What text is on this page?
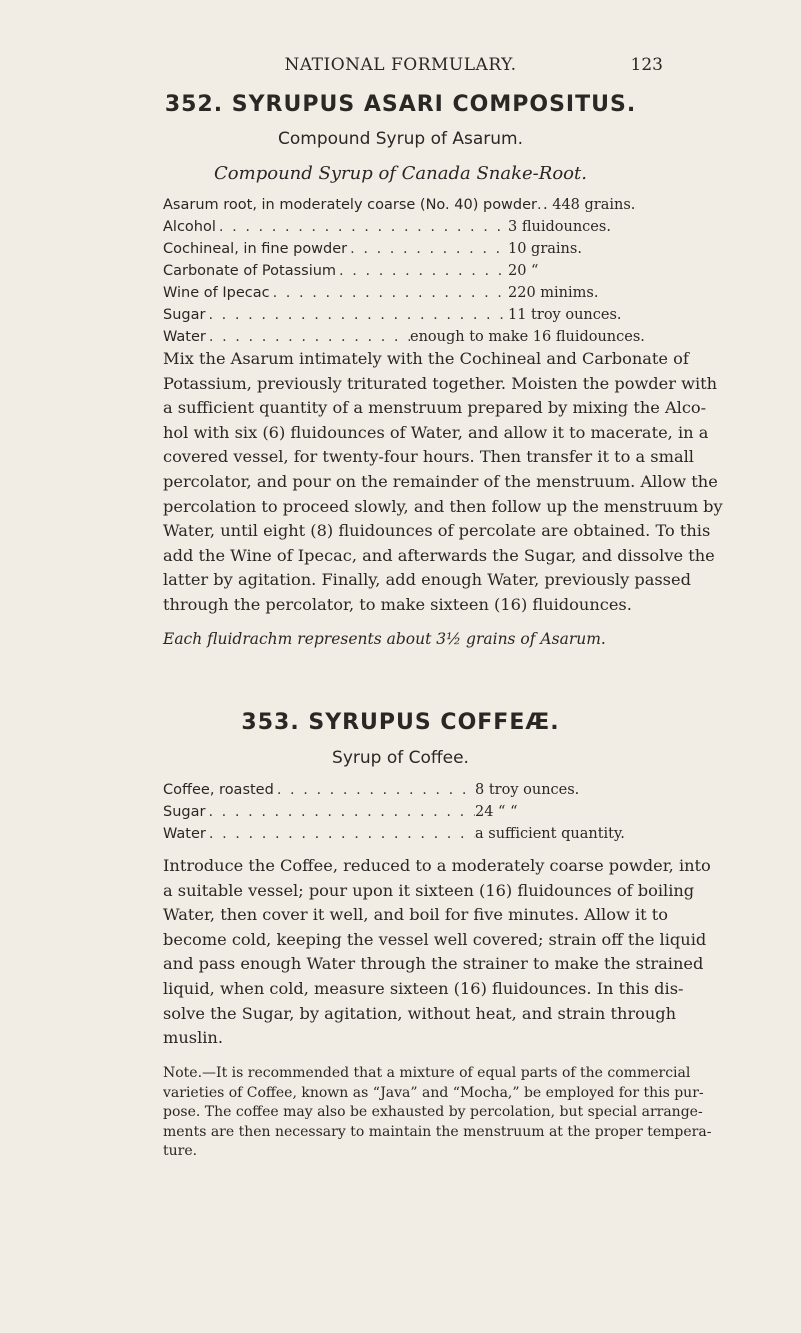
NATIONAL FORMULARY.	123
352. SYRUPUS ASARI COMPOSITUS.
Compound Syrup of Asarum.
Compound Syrup of Canada Snake-Root.
Asarum root, in moderately coarse (No. 40) powder . . . . 448 grains.
Alcohol . . .	3 fluidounces.
Cochineal, in fine powder . . .	10 grains.
Carbonate of Potassium . . .	20 “
Wine of Ipecac . . .	220 minims.
Sugar . . .	11 troy ounces.
Water . . .	enough to make 16 fluidounces.
Mix the Asarum intimately with the Cochineal and Carbonate of
Potassium, previously triturated together. Moisten the powder with
a sufficient quantity of a menstruum prepared by mixing the Alco-
hol with six (6) fluidounces of Water, and allow it to macerate, in a
covered vessel, for twenty-four hours. Then transfer it to a small
percolator, and pour on the remainder of the menstruum. Allow the
percolation to proceed slowly, and then follow up the menstruum by
Water, until eight (8) fluidounces of percolate are obtained. To this
add the Wine of Ipecac, and afterwards the Sugar, and dissolve the
latter by agitation. Finally, add enough Water, previously passed
through the percolator, to make sixteen (16) fluidounces.
Each fluidrachm represents about 3½ grains of Asarum.
353. SYRUPUS COFFEÆ.
Syrup of Coffee.
Coffee, roasted . . .	8 troy ounces.
Sugar . . .	24 “ “
Water . . .	a sufficient quantity.
Introduce the Coffee, reduced to a moderately coarse powder, into
a suitable vessel; pour upon it sixteen (16) fluidounces of boiling
Water, then cover it well, and boil for five minutes. Allow it to
become cold, keeping the vessel well covered; strain off the liquid
and pass enough Water through the strainer to make the strained
liquid, when cold, measure sixteen (16) fluidounces. In this dis-
solve the Sugar, by agitation, without heat, and strain through
muslin.
Note.—It is recommended that a mixture of equal parts of the commercial
varieties of Coffee, known as “Java” and “Mocha,” be employed for this pur-
pose. The coffee may also be exhausted by percolation, but special arrange-
ments are then necessary to maintain the menstruum at the proper tempera-
ture.
